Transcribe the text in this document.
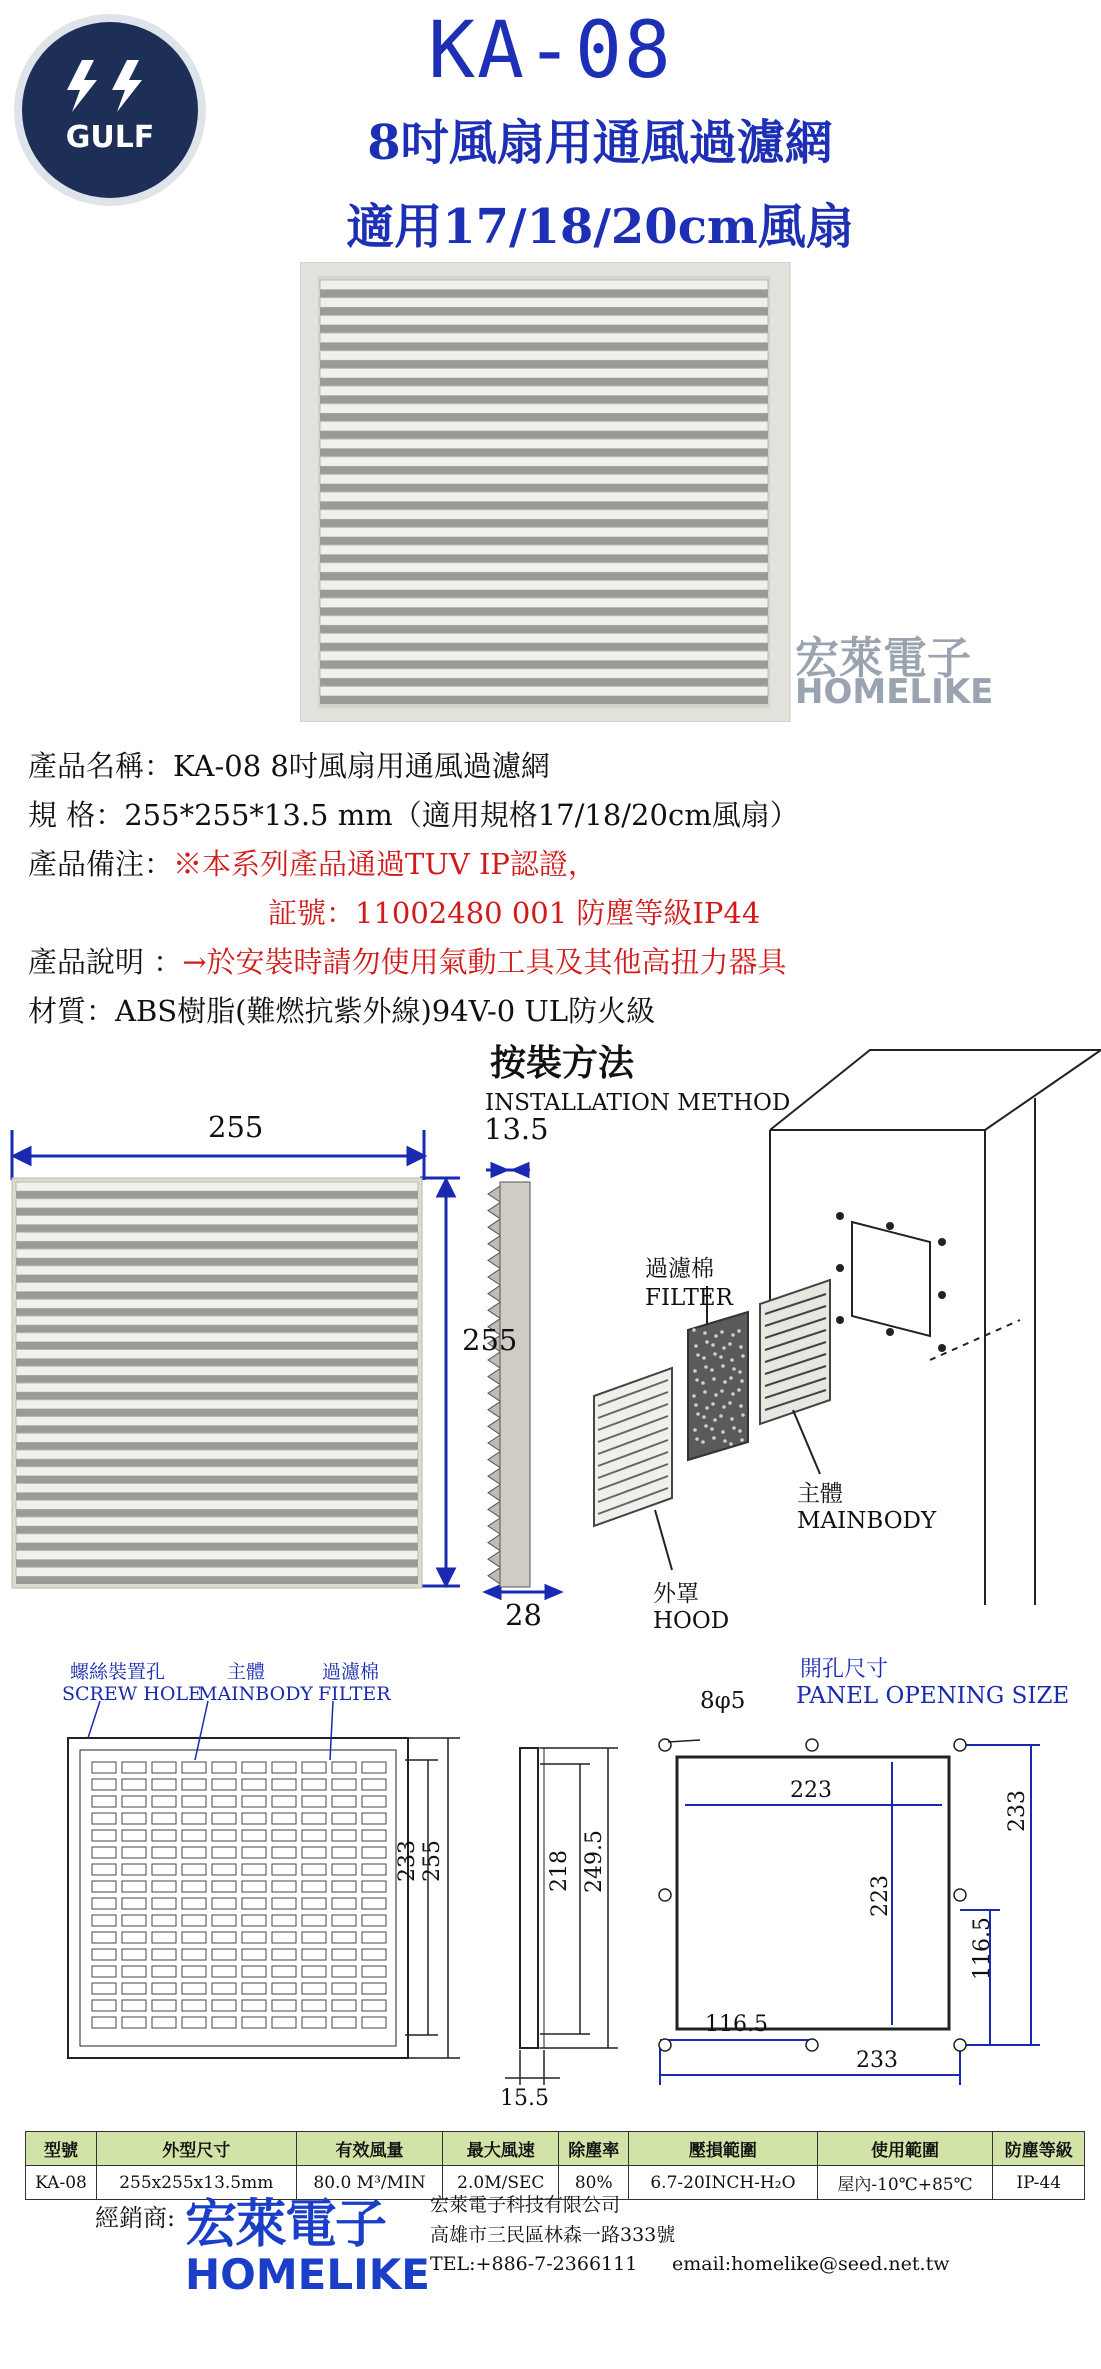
GULF
KA-08
8吋風扇用通風過濾網
適用17/18/20cm風扇
宏萊電子
HOMELIKE
產品名稱：KA-08 8吋風扇用通風過濾網
規 格：255*255*13.5 mm（適用規格17/18/20cm風扇）
產品備注：※本系列產品通過TUV IP認證，
証號：11002480 001 防塵等級IP44
產品說明 ：→於安裝時請勿使用氣動工具及其他高扭力器具
材質：ABS樹脂(難燃抗紫外線)94V-0 UL防火級
按裝方法
INSTALLATION METHOD
255
255
13.5
28
過濾棉
FILTER
主體
MAINBODY
外罩
HOOD
螺絲裝置孔
SCREW HOLE
主體
MAINBODY
過濾棉
FILTER
233 255	218 249.5
15.5
開孔尺寸
PANEL OPENING SIZE
8φ5
223
223
233
116.5
116.5
233
型號	外型尺寸	有效風量	最大風速	除塵率	壓損範圍	使用範圍	防塵等級
KA-08	255x255x13.5mm	80.0 M³/MIN	2.0M/SEC	80%	6.7-20INCH-H₂O	屋內-10℃+85℃	IP-44
經銷商: 宏萊電子
HOMELIKE
宏萊電子科技有限公司
高雄市三民區林森一路333號
TEL:+886-7-2366111 email:homelike@seed.net.tw
